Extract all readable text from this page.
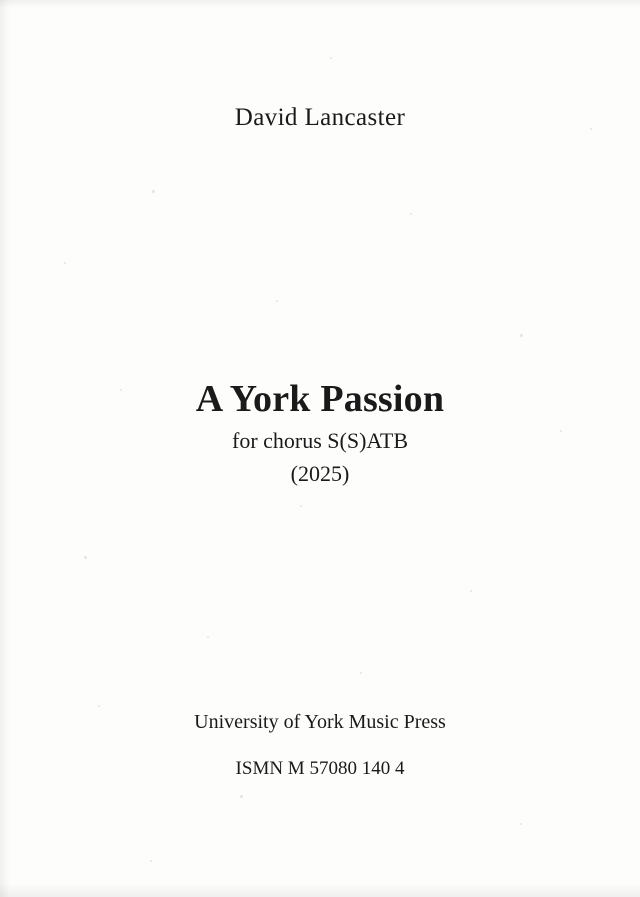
David Lancaster
A York Passion
for chorus S(S)ATB
(2025)
University of York Music Press
ISMN M 57080 140 4
